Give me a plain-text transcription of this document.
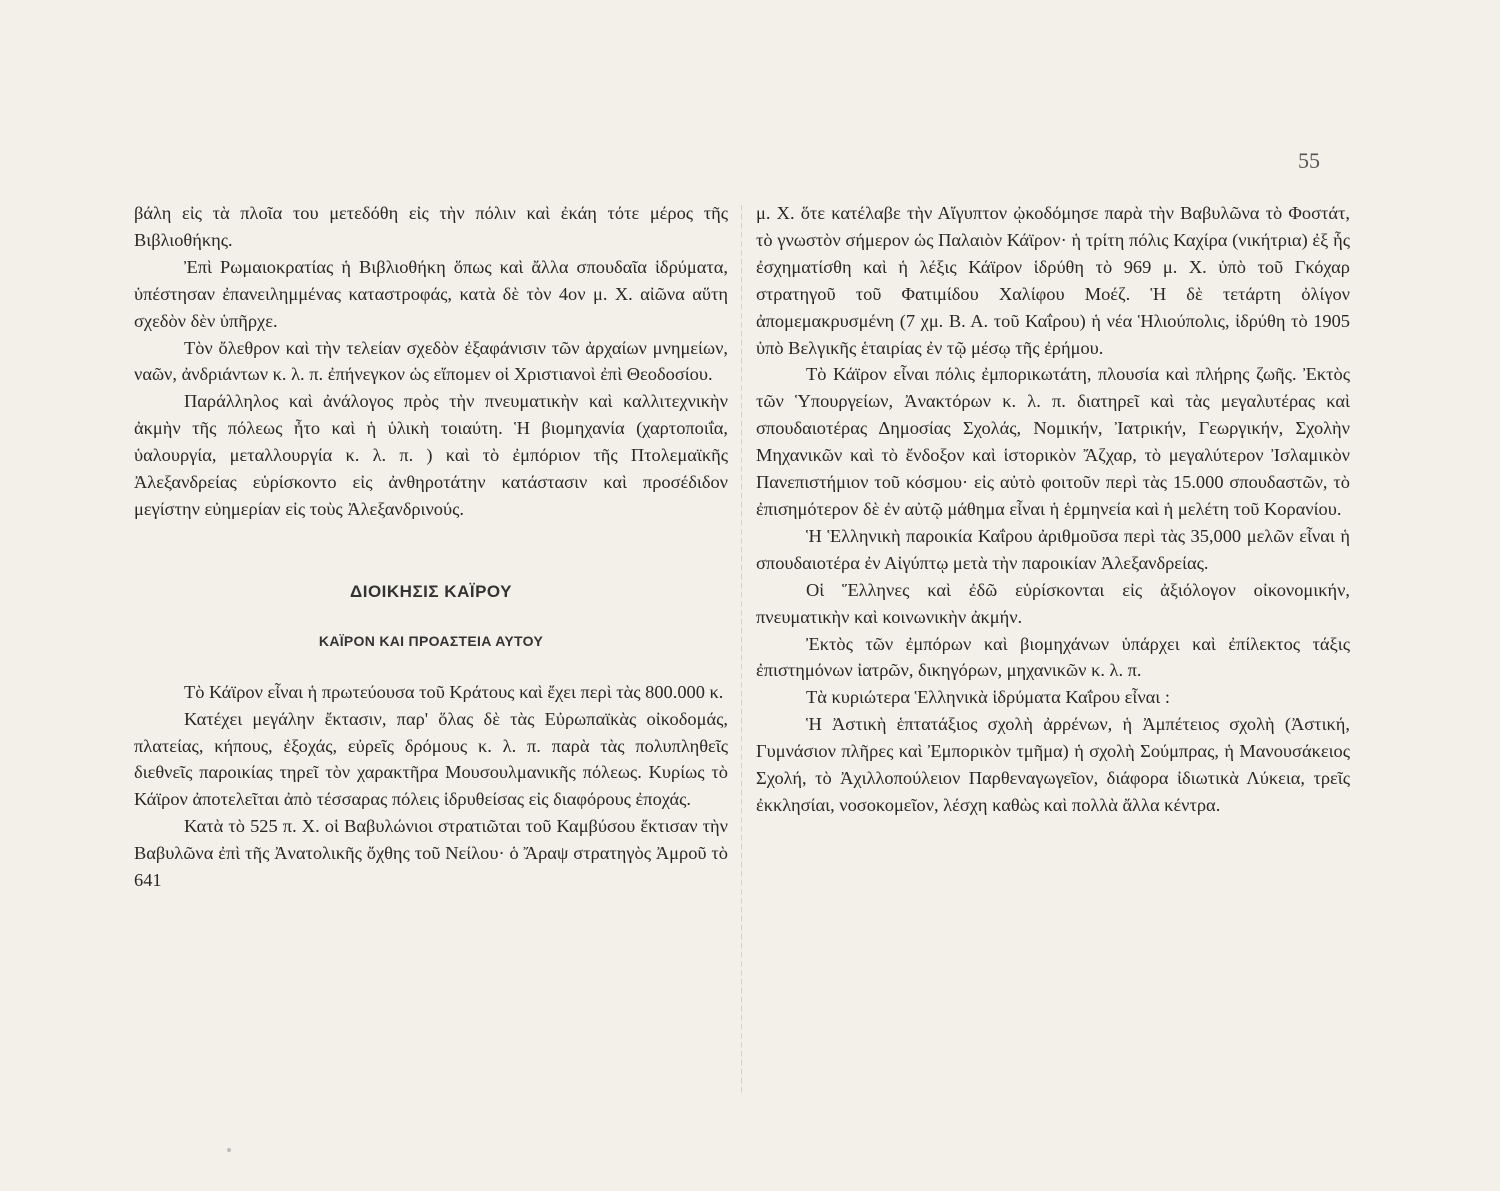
55

βάλη εἰς τὰ πλοῖα του μετεδόθη εἰς τὴν πόλιν καὶ ἐκάη τότε μέρος τῆς Βιβλιοθήκης.

Ἐπὶ Ρωμαιοκρατίας ἡ Βιβλιοθήκη ὅπως καὶ ἄλλα σπουδαῖα ἱδρύματα, ὑπέστησαν ἐπανειλημμένας καταστροφάς, κατὰ δὲ τὸν 4ον μ. Χ. αἰῶνα αὕτη σχεδὸν δὲν ὑπῆρχε.

Τὸν ὄλεθρον καὶ τὴν τελείαν σχεδὸν ἐξαφάνισιν τῶν ἀρχαίων μνημείων, ναῶν, ἀνδριάντων κ. λ. π. ἐπήνεγκον ὡς εἴπομεν οἱ Χριστιανοὶ ἐπὶ Θεοδοσίου.

Παράλληλος καὶ ἀνάλογος πρὸς τὴν πνευματικὴν καὶ καλλιτεχνικὴν ἀκμὴν τῆς πόλεως ἦτο καὶ ἡ ὑλικὴ τοιαύτη. Ἡ βιομηχανία (χαρτοποιΐα, ὑαλουργία, μεταλλουργία κ. λ. π. ) καὶ τὸ ἐμπόριον τῆς Πτολεμαϊκῆς Ἀλεξανδρείας εὑρίσκοντο εἰς ἀνθηροτάτην κατάστασιν καὶ προσέδιδον μεγίστην εὐημερίαν εἰς τοὺς Ἀλεξανδρινούς.

ΔΙΟΙΚΗΣΙΣ ΚΑΪΡΟΥ
ΚΑΪΡΟΝ ΚΑΙ ΠΡΟΑΣΤΕΙΑ ΑΥΤΟΥ

Τὸ Κάϊρον εἶναι ἡ πρωτεύουσα τοῦ Κράτους καὶ ἔχει περὶ τὰς 800.000 κ.

Κατέχει μεγάλην ἔκτασιν, παρ' ὅλας δὲ τὰς Εὐρωπαϊκὰς οἰκοδομάς, πλατείας, κήπους, ἐξοχάς, εὐρεῖς δρόμους κ. λ. π. παρὰ τὰς πολυπληθεῖς διεθνεῖς παροικίας τηρεῖ τὸν χαρακτῆρα Μουσουλμανικῆς πόλεως. Κυρίως τὸ Κάϊρον ἀποτελεῖται ἀπὸ τέσσαρας πόλεις ἱδρυθείσας εἰς διαφόρους ἐποχάς.

Κατὰ τὸ 525 π. Χ. οἱ Βαβυλώνιοι στρατιῶται τοῦ Καμβύσου ἔκτισαν τὴν Βαβυλῶνα ἐπὶ τῆς Ἀνατολικῆς ὄχθης τοῦ Νείλου· ὁ Ἄραψ στρατηγὸς Ἀμροῦ τὸ 641

μ. Χ. ὅτε κατέλαβε τὴν Αἴγυπτον ᾠκοδόμησε παρὰ τὴν Βαβυλῶνα τὸ Φοστάτ, τὸ γνωστὸν σήμερον ὡς Παλαιὸν Κάϊρον· ἡ τρίτη πόλις Καχίρα (νικήτρια) ἐξ ἧς ἐσχηματίσθη καὶ ἡ λέξις Κάϊρον ἱδρύθη τὸ 969 μ. Χ. ὑπὸ τοῦ Γκόχαρ στρατηγοῦ τοῦ Φατιμίδου Χαλίφου Μοέζ. Ἡ δὲ τετάρτη ὀλίγον ἀπομεμακρυσμένη (7 χμ. Β. Α. τοῦ Καΐρου) ἡ νέα Ἡλιούπολις, ἱδρύθη τὸ 1905 ὑπὸ Βελγικῆς ἑταιρίας ἐν τῷ μέσῳ τῆς ἐρήμου.

Τὸ Κάϊρον εἶναι πόλις ἐμπορικωτάτη, πλουσία καὶ πλήρης ζωῆς. Ἐκτὸς τῶν Ὑπουργείων, Ἀνακτόρων κ. λ. π. διατηρεῖ καὶ τὰς μεγαλυτέρας καὶ σπουδαιοτέρας Δημοσίας Σχολάς, Νομικήν, Ἰατρικήν, Γεωργικήν, Σχολὴν Μηχανικῶν καὶ τὸ ἔνδοξον καὶ ἱστορικὸν Ἄζχαρ, τὸ μεγαλύτερον Ἰσλαμικὸν Πανεπιστήμιον τοῦ κόσμου· εἰς αὐτὸ φοιτοῦν περὶ τὰς 15.000 σπουδαστῶν, τὸ ἐπισημότερον δὲ ἐν αὐτῷ μάθημα εἶναι ἡ ἑρμηνεία καὶ ἡ μελέτη τοῦ Κορανίου.

Ἡ Ἑλληνικὴ παροικία Καΐρου ἀριθμοῦσα περὶ τὰς 35,000 μελῶν εἶναι ἡ σπουδαιοτέρα ἐν Αἰγύπτῳ μετὰ τὴν παροικίαν Ἀλεξανδρείας.

Οἱ Ἕλληνες καὶ ἐδῶ εὑρίσκονται εἰς ἀξιόλογον οἰκονομικήν, πνευματικὴν καὶ κοινωνικὴν ἀκμήν.

Ἐκτὸς τῶν ἐμπόρων καὶ βιομηχάνων ὑπάρχει καὶ ἐπίλεκτος τάξις ἐπιστημόνων ἰατρῶν, δικηγόρων, μηχανικῶν κ. λ. π.

Τὰ κυριώτερα Ἑλληνικὰ ἱδρύματα Καΐρου εἶναι :

Ἡ Ἀστικὴ ἑπτατάξιος σχολὴ ἀρρένων, ἡ Ἀμπέτειος σχολὴ (Ἀστική, Γυμνάσιον πλῆρες καὶ Ἐμπορικὸν τμῆμα) ἡ σχολὴ Σούμπρας, ἡ Μανουσάκειος Σχολή, τὸ Ἀχιλλοπούλειον Παρθεναγωγεῖον, διάφορα ἰδιωτικὰ Λύκεια, τρεῖς ἐκκλησίαι, νοσοκομεῖον, λέσχη καθὼς καὶ πολλὰ ἄλλα κέντρα.
